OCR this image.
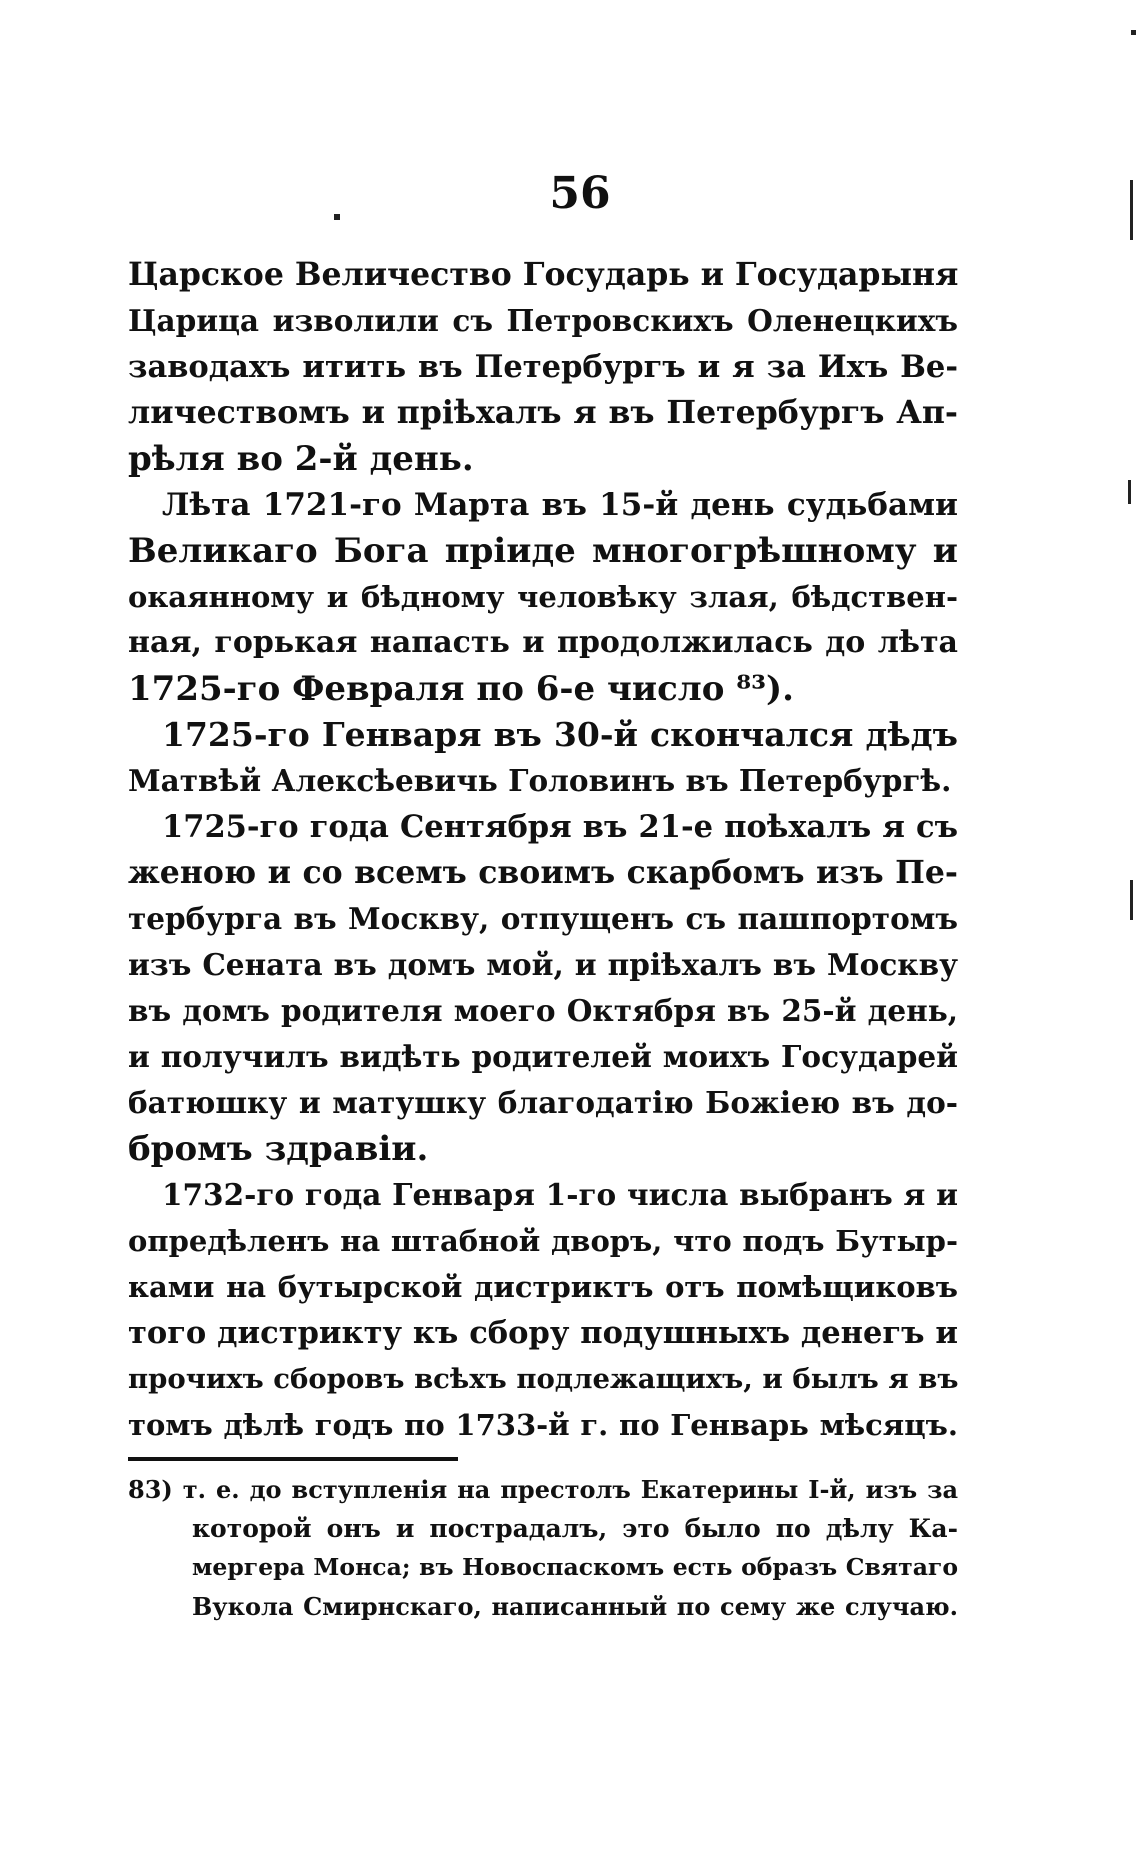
56
Царское Величество Государь и Государыня
Царица изволили съ Петровскихъ Оленецкихъ
заводахъ итить въ Петербургъ и я за Ихъ Ве-
личествомъ и прiѣхалъ я въ Петербургъ Ап-
рѣля во 2-й день.
Лѣта 1721-го Марта въ 15-й день судьбами
Великаго Бога прiиде многогрѣшному и
окаянному и бѣдному человѣку злая, бѣдствен-
ная, горькая напасть и продолжилась до лѣта
1725-го Февраля по 6-е число ⁸³).
1725-го Генваря въ 30-й скончался дѣдъ
Матвѣй Алексѣевичь Головинъ въ Петербургѣ.
1725-го года Сентября въ 21-е поѣхалъ я съ
женою и со всемъ своимъ скарбомъ изъ Пе-
тербурга въ Москву, отпущенъ съ пашпортомъ
изъ Сената въ домъ мой, и прiѣхалъ въ Москву
въ домъ родителя моего Октября въ 25-й день,
и получилъ видѣть родителей моихъ Государей
батюшку и матушку благодатiю Божiею въ до-
бромъ здравiи.
1732-го года Генваря 1-го числа выбранъ я и
опредѣленъ на штабной дворъ, что подъ Бутыр-
ками на бутырской дистриктъ отъ помѣщиковъ
того дистрикту къ сбору подушныхъ денегъ и
прочихъ сборовъ всѣхъ подлежащихъ, и былъ я въ
томъ дѣлѣ годъ по 1733-й г. по Генварь мѣсяцъ.
83) т. е. до вступленiя на престолъ Екатерины I-й, изъ за
которой онъ и пострадалъ, это было по дѣлу Ка-
мергера Монса; въ Новоспаскомъ есть образъ Святаго
Вукола Смирнскаго, написанный по сему же случаю.
